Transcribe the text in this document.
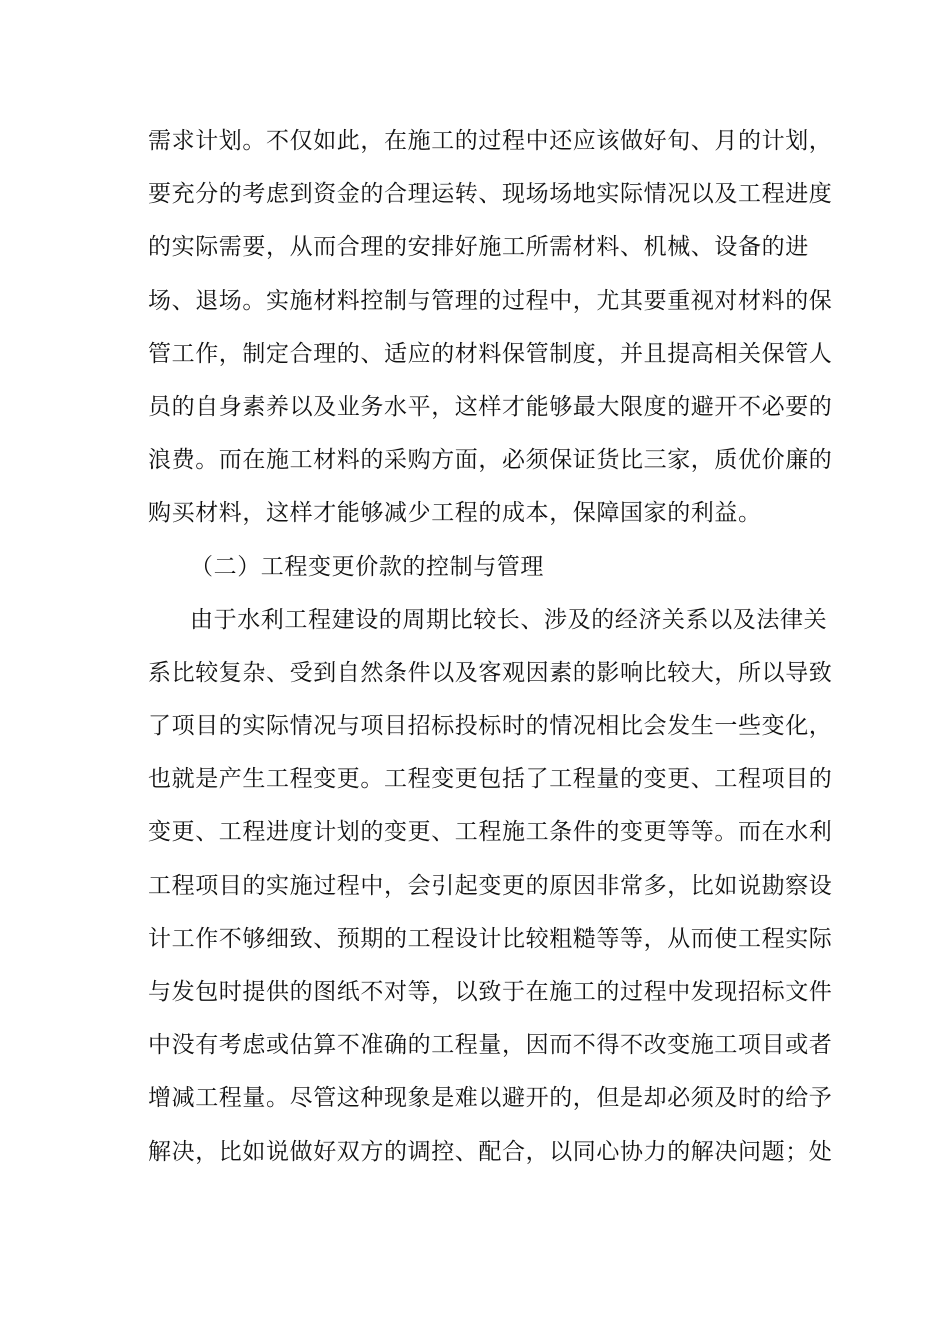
需求计划。不仅如此，在施工的过程中还应该做好旬、月的计划，
要充分的考虑到资金的合理运转、现场场地实际情况以及工程进度
的实际需要，从而合理的安排好施工所需材料、机械、设备的进
场、退场。实施材料控制与管理的过程中，尤其要重视对材料的保
管工作，制定合理的、适应的材料保管制度，并且提高相关保管人
员的自身素养以及业务水平，这样才能够最大限度的避开不必要的
浪费。而在施工材料的采购方面，必须保证货比三家，质优价廉的
购买材料，这样才能够减少工程的成本，保障国家的利益。
（二）工程变更价款的控制与管理
由于水利工程建设的周期比较长、涉及的经济关系以及法律关
系比较复杂、受到自然条件以及客观因素的影响比较大，所以导致
了项目的实际情况与项目招标投标时的情况相比会发生一些变化，
也就是产生工程变更。工程变更包括了工程量的变更、工程项目的
变更、工程进度计划的变更、工程施工条件的变更等等。而在水利
工程项目的实施过程中，会引起变更的原因非常多，比如说勘察设
计工作不够细致、预期的工程设计比较粗糙等等，从而使工程实际
与发包时提供的图纸不对等，以致于在施工的过程中发现招标文件
中没有考虑或估算不准确的工程量，因而不得不改变施工项目或者
增减工程量。尽管这种现象是难以避开的，但是却必须及时的给予
解决，比如说做好双方的调控、配合，以同心协力的解决问题；处
